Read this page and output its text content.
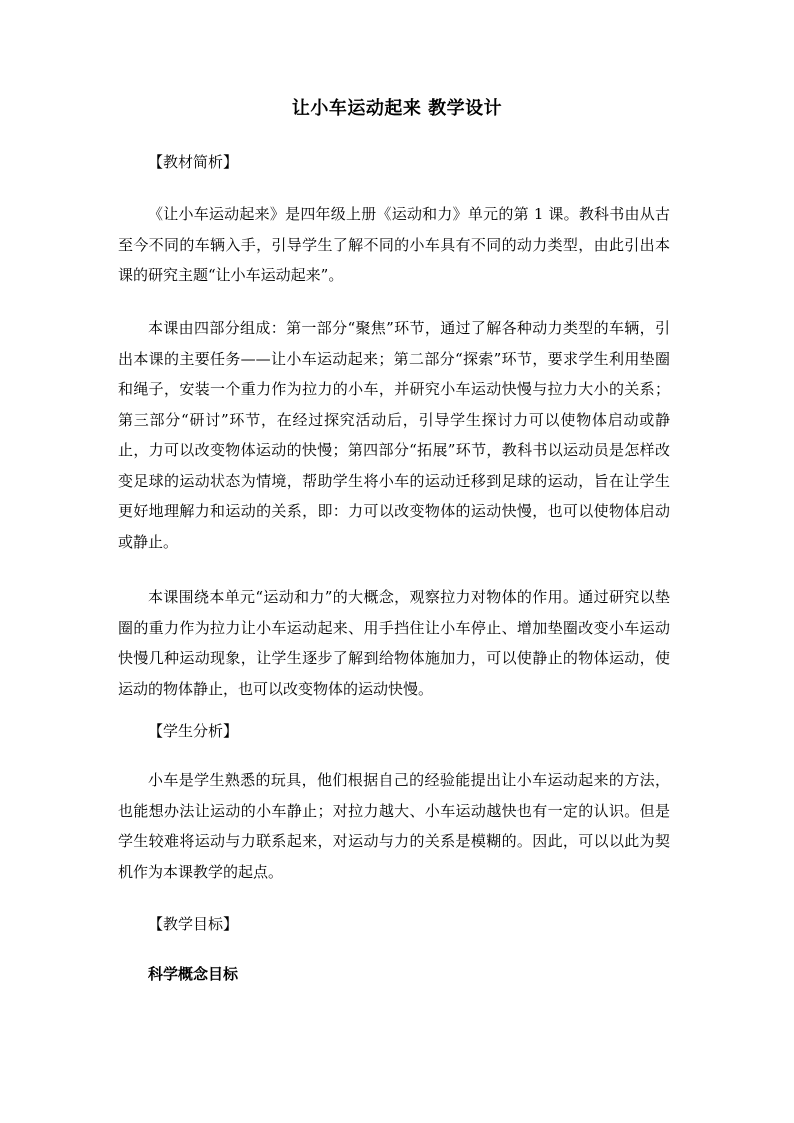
让小车运动起来 教学设计
【教材简析】

《让小车运动起来》是四年级上册《运动和力》单元的第 1 课。教科书由从古至今不同的车辆入手，引导学生了解不同的小车具有不同的动力类型，由此引出本课的研究主题“让小车运动起来”。

本课由四部分组成：第一部分“聚焦”环节，通过了解各种动力类型的车辆，引出本课的主要任务——让小车运动起来；第二部分“探索”环节，要求学生利用垫圈和绳子，安装一个重力作为拉力的小车，并研究小车运动快慢与拉力大小的关系；第三部分“研讨”环节，在经过探究活动后，引导学生探讨力可以使物体启动或静止，力可以改变物体运动的快慢；第四部分“拓展”环节，教科书以运动员是怎样改变足球的运动状态为情境，帮助学生将小车的运动迁移到足球的运动，旨在让学生更好地理解力和运动的关系，即：力可以改变物体的运动快慢，也可以使物体启动或静止。

本课围绕本单元“运动和力”的大概念，观察拉力对物体的作用。通过研究以垫圈的重力作为拉力让小车运动起来、用手挡住让小车停止、增加垫圈改变小车运动快慢几种运动现象，让学生逐步了解到给物体施加力，可以使静止的物体运动，使运动的物体静止，也可以改变物体的运动快慢。

【学生分析】

小车是学生熟悉的玩具，他们根据自己的经验能提出让小车运动起来的方法，也能想办法让运动的小车静止；对拉力越大、小车运动越快也有一定的认识。但是学生较难将运动与力联系起来，对运动与力的关系是模糊的。因此，可以以此为契机作为本课教学的起点。

【教学目标】
科学概念目标
